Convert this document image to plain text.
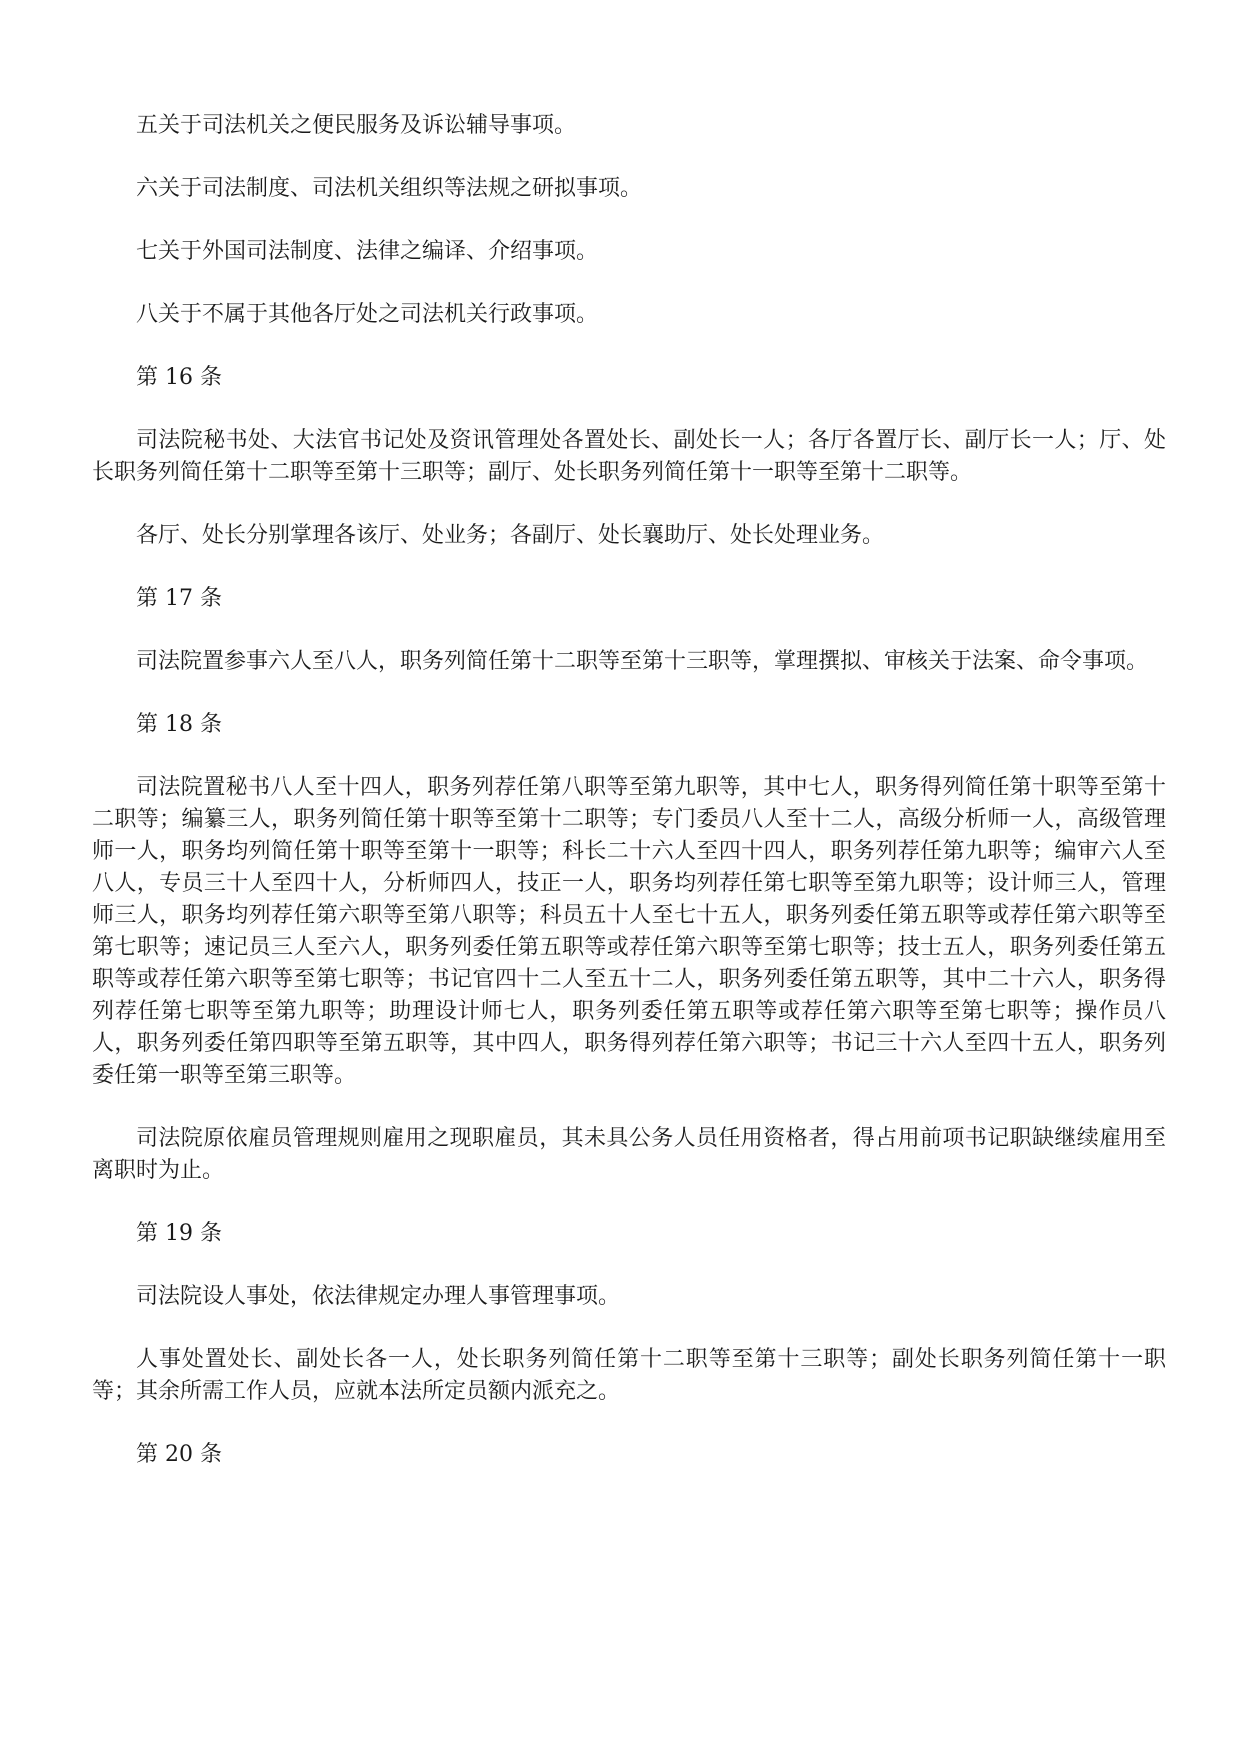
五关于司法机关之便民服务及诉讼辅导事项。

六关于司法制度、司法机关组织等法规之研拟事项。

七关于外国司法制度、法律之编译、介绍事项。

八关于不属于其他各厅处之司法机关行政事项。

第 16 条

司法院秘书处、大法官书记处及资讯管理处各置处长、副处长一人；各厅各置厅长、副厅长一人；厅、处长职务列简任第十二职等至第十三职等；副厅、处长职务列简任第十一职等至第十二职等。

各厅、处长分别掌理各该厅、处业务；各副厅、处长襄助厅、处长处理业务。

第 17 条

司法院置参事六人至八人，职务列简任第十二职等至第十三职等，掌理撰拟、审核关于法案、命令事项。

第 18 条

司法院置秘书八人至十四人，职务列荐任第八职等至第九职等，其中七人，职务得列简任第十职等至第十二职等；编纂三人，职务列简任第十职等至第十二职等；专门委员八人至十二人，高级分析师一人，高级管理师一人，职务均列简任第十职等至第十一职等；科长二十六人至四十四人，职务列荐任第九职等；编审六人至八人，专员三十人至四十人，分析师四人，技正一人，职务均列荐任第七职等至第九职等；设计师三人，管理师三人，职务均列荐任第六职等至第八职等；科员五十人至七十五人，职务列委任第五职等或荐任第六职等至第七职等；速记员三人至六人，职务列委任第五职等或荐任第六职等至第七职等；技士五人，职务列委任第五职等或荐任第六职等至第七职等；书记官四十二人至五十二人，职务列委任第五职等，其中二十六人，职务得列荐任第七职等至第九职等；助理设计师七人，职务列委任第五职等或荐任第六职等至第七职等；操作员八人，职务列委任第四职等至第五职等，其中四人，职务得列荐任第六职等；书记三十六人至四十五人，职务列委任第一职等至第三职等。

司法院原依雇员管理规则雇用之现职雇员，其未具公务人员任用资格者，得占用前项书记职缺继续雇用至离职时为止。

第 19 条

司法院设人事处，依法律规定办理人事管理事项。

人事处置处长、副处长各一人，处长职务列简任第十二职等至第十三职等；副处长职务列简任第十一职等；其余所需工作人员，应就本法所定员额内派充之。

第 20 条
